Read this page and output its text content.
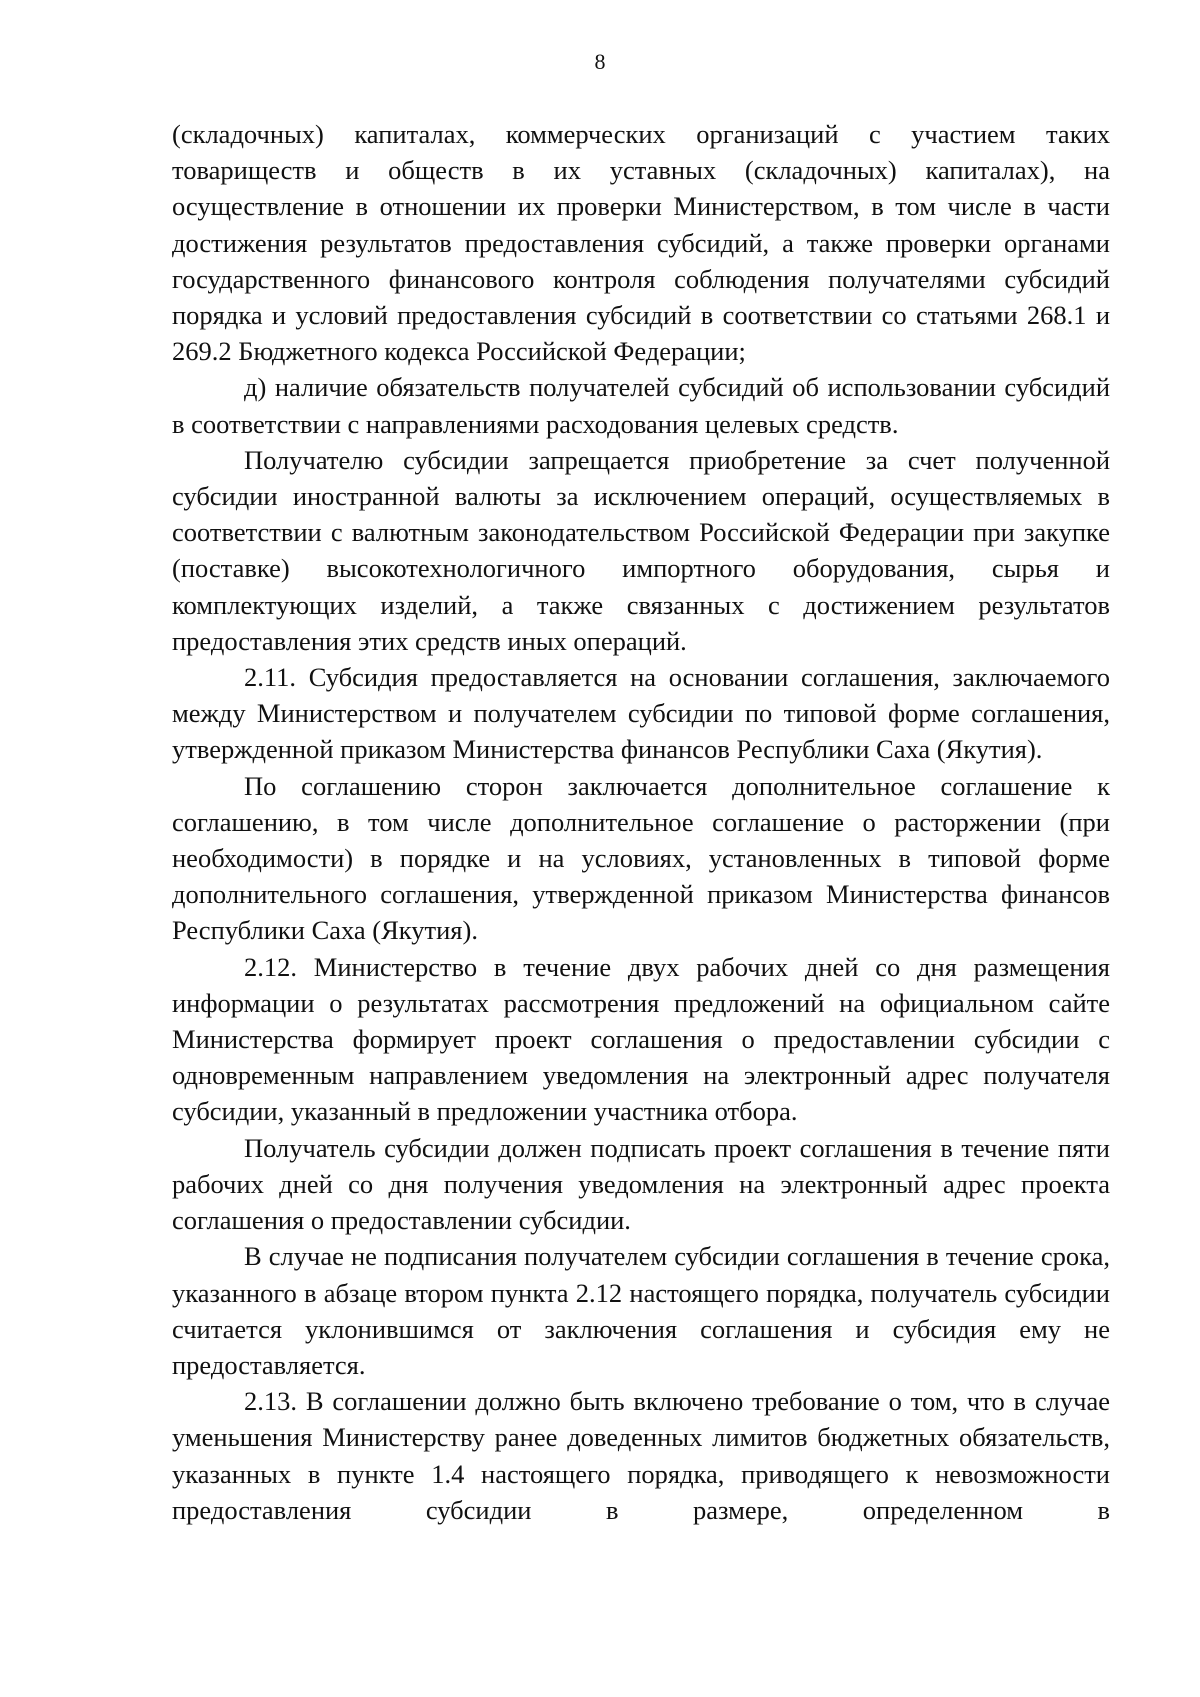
8

(складочных) капиталах, коммерческих организаций с участием таких товариществ и обществ в их уставных (складочных) капиталах), на осуществление в отношении их проверки Министерством, в том числе в части достижения результатов предоставления субсидий, а также проверки органами государственного финансового контроля соблюдения получателями субсидий порядка и условий предоставления субсидий в соответствии со статьями 268.1 и 269.2 Бюджетного кодекса Российской Федерации;

д) наличие обязательств получателей субсидий об использовании субсидий в соответствии с направлениями расходования целевых средств.

Получателю субсидии запрещается приобретение за счет полученной субсидии иностранной валюты за исключением операций, осуществляемых в соответствии с валютным законодательством Российской Федерации при закупке (поставке) высокотехнологичного импортного оборудования, сырья и комплектующих изделий, а также связанных с достижением результатов предоставления этих средств иных операций.

2.11. Субсидия предоставляется на основании соглашения, заключаемого между Министерством и получателем субсидии по типовой форме соглашения, утвержденной приказом Министерства финансов Республики Саха (Якутия).

По соглашению сторон заключается дополнительное соглашение к соглашению, в том числе дополнительное соглашение о расторжении (при необходимости) в порядке и на условиях, установленных в типовой форме дополнительного соглашения, утвержденной приказом Министерства финансов Республики Саха (Якутия).

2.12. Министерство в течение двух рабочих дней со дня размещения информации о результатах рассмотрения предложений на официальном сайте Министерства формирует проект соглашения о предоставлении субсидии с одновременным направлением уведомления на электронный адрес получателя субсидии, указанный в предложении участника отбора.

Получатель субсидии должен подписать проект соглашения в течение пяти рабочих дней со дня получения уведомления на электронный адрес проекта соглашения о предоставлении субсидии.

В случае не подписания получателем субсидии соглашения в течение срока, указанного в абзаце втором пункта 2.12 настоящего порядка, получатель субсидии считается уклонившимся от заключения соглашения и субсидия ему не предоставляется.

2.13. В соглашении должно быть включено требование о том, что в случае уменьшения Министерству ранее доведенных лимитов бюджетных обязательств, указанных в пункте 1.4 настоящего порядка, приводящего к невозможности предоставления субсидии в размере, определенном в
